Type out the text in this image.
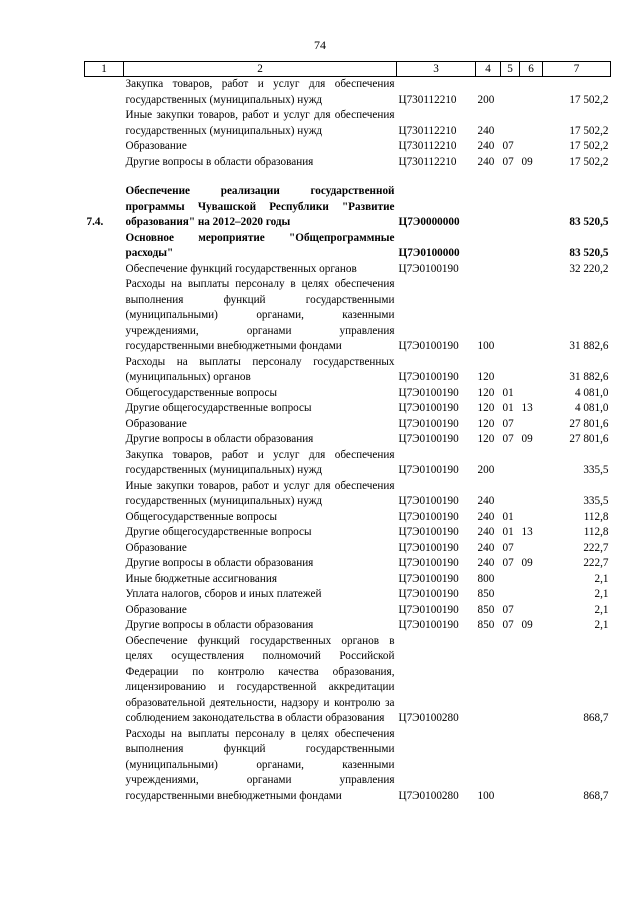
74
1	2	3	4	5	6	7
	Закупка товаров, работ и услуг для обеспечения государственных (муниципальных) нужд	Ц730112210	200			17 502,2
	Иные закупки товаров, работ и услуг для обеспечения государственных (муниципальных) нужд	Ц730112210	240			17 502,2
	Образование	Ц730112210	240	07		17 502,2
	Другие вопросы в области образования	Ц730112210	240	07	09	17 502,2

7.4.	Обеспечение реализации государственной программы Чувашской Республики "Развитие образования" на 2012–2020 годы	Ц7Э0000000				83 520,5
	Основное мероприятие "Общепрограммные расходы"	Ц7Э0100000				83 520,5
	Обеспечение функций государственных органов	Ц7Э0100190				32 220,2
	Расходы на выплаты персоналу в целях обеспечения выполнения функций государственными (муниципальными) органами, казенными учреждениями, органами управления государственными внебюджетными фондами	Ц7Э0100190	100			31 882,6
	Расходы на выплаты персоналу государственных (муниципальных) органов	Ц7Э0100190	120			31 882,6
	Общегосударственные вопросы	Ц7Э0100190	120	01		4 081,0
	Другие общегосударственные вопросы	Ц7Э0100190	120	01	13	4 081,0
	Образование	Ц7Э0100190	120	07		27 801,6
	Другие вопросы в области образования	Ц7Э0100190	120	07	09	27 801,6
	Закупка товаров, работ и услуг для обеспечения государственных (муниципальных) нужд	Ц7Э0100190	200			335,5
	Иные закупки товаров, работ и услуг для обеспечения государственных (муниципальных) нужд	Ц7Э0100190	240			335,5
	Общегосударственные вопросы	Ц7Э0100190	240	01		112,8
	Другие общегосударственные вопросы	Ц7Э0100190	240	01	13	112,8
	Образование	Ц7Э0100190	240	07		222,7
	Другие вопросы в области образования	Ц7Э0100190	240	07	09	222,7
	Иные бюджетные ассигнования	Ц7Э0100190	800			2,1
	Уплата налогов, сборов и иных платежей	Ц7Э0100190	850			2,1
	Образование	Ц7Э0100190	850	07		2,1
	Другие вопросы в области образования	Ц7Э0100190	850	07	09	2,1
	Обеспечение функций государственных органов в целях осуществления полномочий Российской Федерации по контролю качества образования, лицензированию и государственной аккредитации образовательной деятельности, надзору и контролю за соблюдением законодательства в области образования	Ц7Э0100280				868,7
	Расходы на выплаты персоналу в целях обеспечения выполнения функций государственными (муниципальными) органами, казенными учреждениями, органами управления государственными внебюджетными фондами	Ц7Э0100280	100			868,7
